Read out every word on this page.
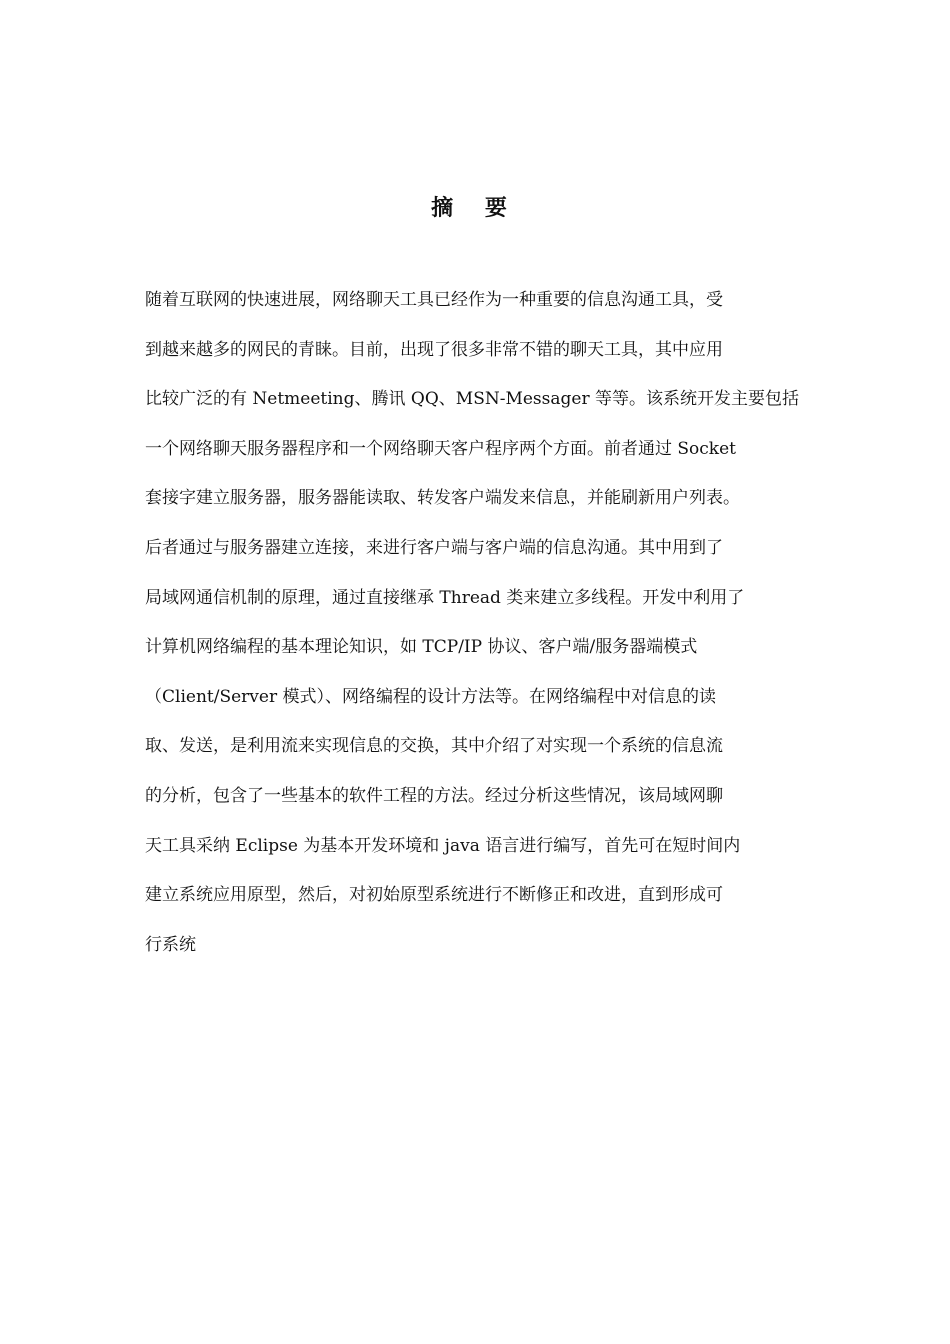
摘 要
随着互联网的快速进展，网络聊天工具已经作为一种重要的信息沟通工具，受
到越来越多的网民的青睐。目前，出现了很多非常不错的聊天工具，其中应用
比较广泛的有 Netmeeting、腾讯 QQ、MSN-Messager 等等。该系统开发主要包括
一个网络聊天服务器程序和一个网络聊天客户程序两个方面。前者通过 Socket
套接字建立服务器，服务器能读取、转发客户端发来信息，并能刷新用户列表。
后者通过与服务器建立连接，来进行客户端与客户端的信息沟通。其中用到了
局域网通信机制的原理，通过直接继承 Thread 类来建立多线程。开发中利用了
计算机网络编程的基本理论知识，如 TCP/IP 协议、客户端/服务器端模式
（Client/Server 模式）、网络编程的设计方法等。在网络编程中对信息的读
取、发送，是利用流来实现信息的交换，其中介绍了对实现一个系统的信息流
的分析，包含了一些基本的软件工程的方法。经过分析这些情况，该局域网聊
天工具采纳 Eclipse 为基本开发环境和 java 语言进行编写，首先可在短时间内
建立系统应用原型，然后，对初始原型系统进行不断修正和改进，直到形成可
行系统
